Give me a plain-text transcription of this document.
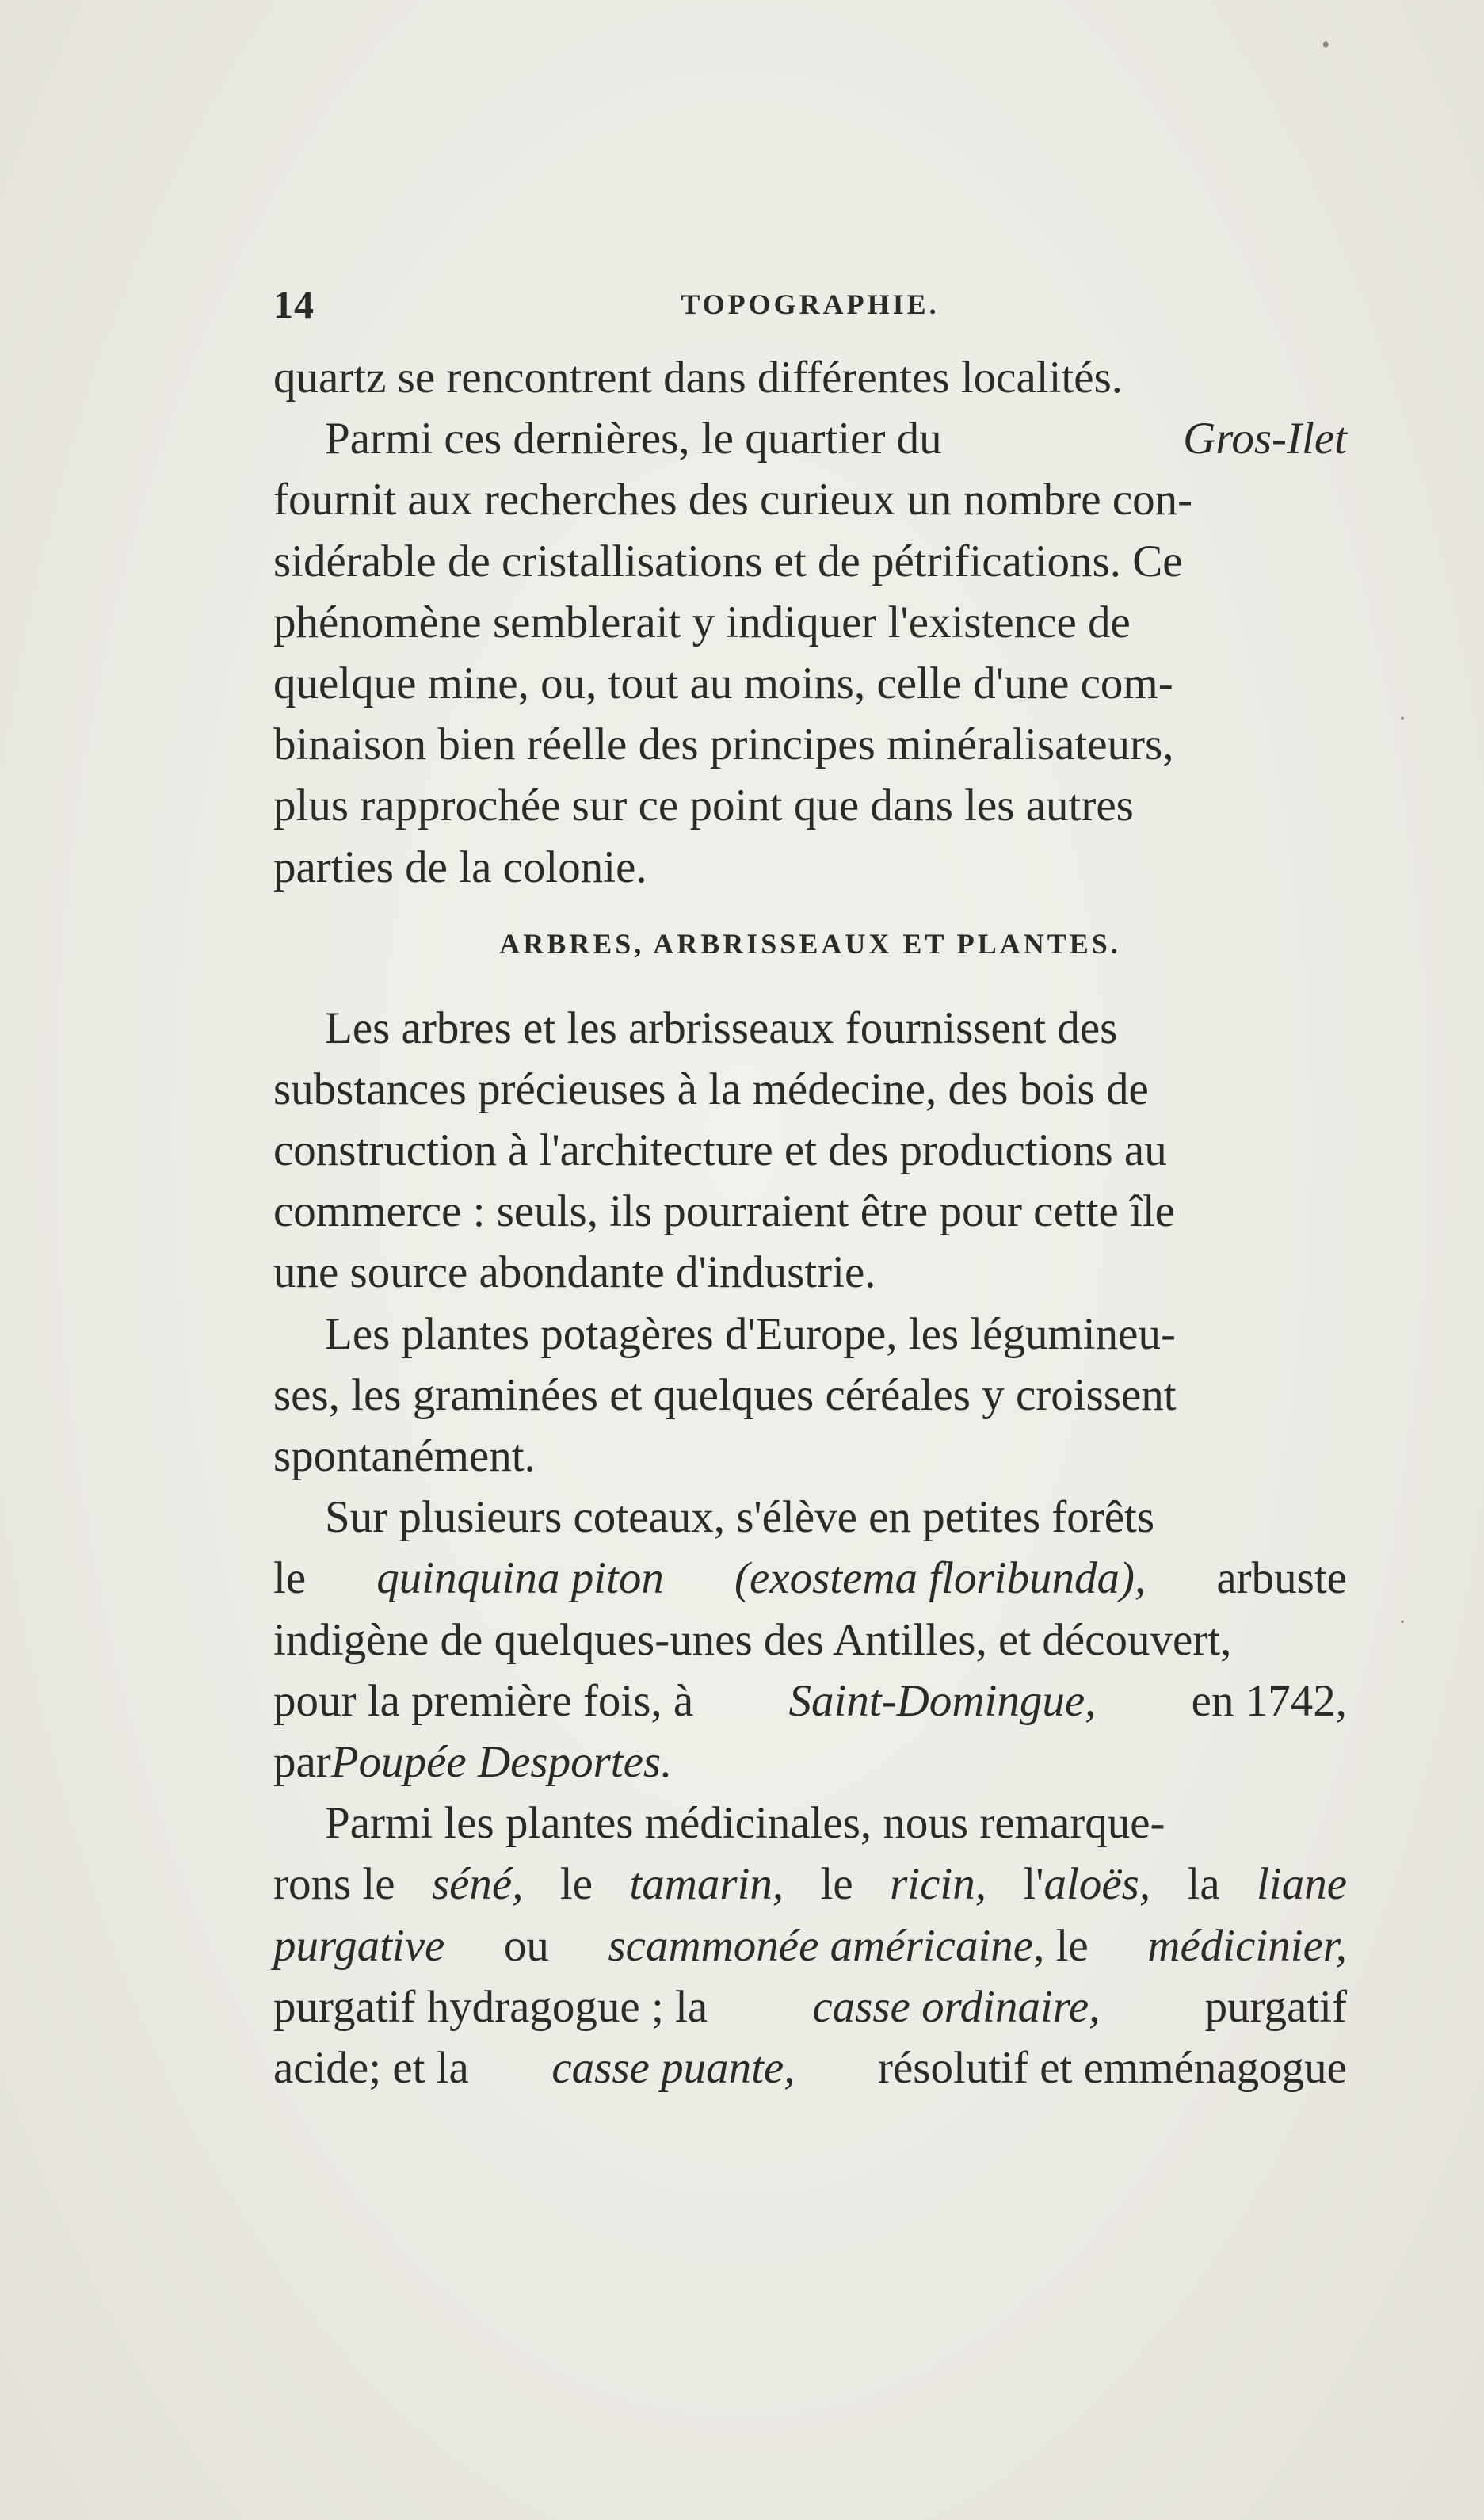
14	TOPOGRAPHIE.
quartz se rencontrent dans différentes localités.
Parmi ces dernières, le quartier du	Gros-Ilet
fournit aux recherches des curieux un nombre con-
sidérable de cristallisations et de pétrifications. Ce
phénomène semblerait y indiquer l'existence de
quelque mine, ou, tout au moins, celle d'une com-
binaison bien réelle des principes minéralisateurs,
plus rapprochée sur ce point que dans les autres
parties de la colonie.
ARBRES, ARBRISSEAUX ET PLANTES.
Les arbres et les arbrisseaux fournissent des
substances précieuses à la médecine, des bois de
construction à l'architecture et des productions au
commerce : seuls, ils pourraient être pour cette île
une source abondante d'industrie.
Les plantes potagères d'Europe, les légumineu-
ses, les graminées et quelques céréales y croissent
spontanément.
Sur plusieurs coteaux, s'élève en petites forêts
le quinquina piton (exostema floribunda), arbuste
indigène de quelques-unes des Antilles, et découvert,
pour la première fois, à Saint-Domingue, en 1742,
par Poupée Desportes.
Parmi les plantes médicinales, nous remarque-
rons le séné, le tamarin, le ricin, l'aloës, la liane
purgative ou scammonée américaine, le médicinier,
purgatif hydragogue ; la casse ordinaire, purgatif
acide; et la casse puante, résolutif et emménagogue
•
·
·
